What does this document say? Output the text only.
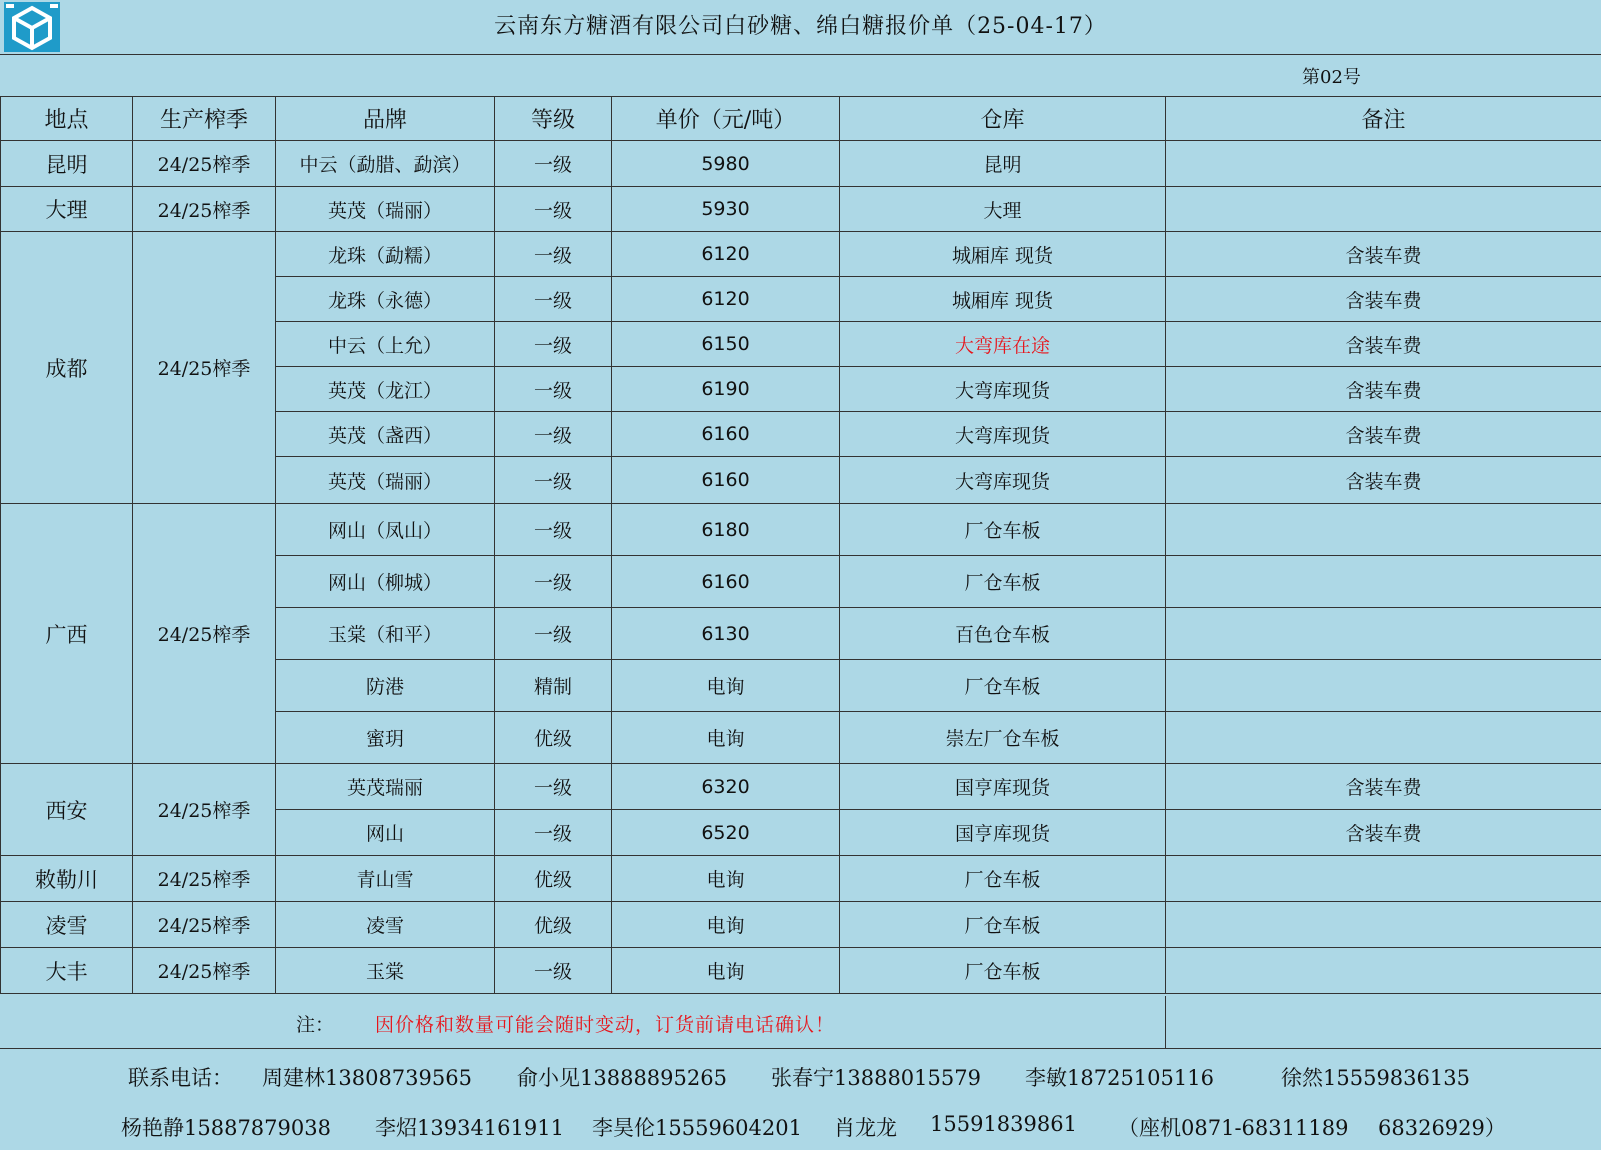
云南东方糖酒有限公司白砂糖、绵白糖报价单（25-04-17）
第02号
地点	生产榨季	品牌	等级	单价（元/吨）	仓库	备注
昆明	24/25榨季	中云（勐腊、勐滨）	一级	5980	昆明	
大理	24/25榨季	英茂（瑞丽）	一级	5930	大理	
成都	24/25榨季	龙珠（勐糯）	一级	6120	城厢库 现货	含装车费
		龙珠（永德）	一级	6120	城厢库 现货	含装车费
		中云（上允）	一级	6150	大弯库在途	含装车费
		英茂（龙江）	一级	6190	大弯库现货	含装车费
		英茂（盏西）	一级	6160	大弯库现货	含装车费
		英茂（瑞丽）	一级	6160	大弯库现货	含装车费
广西	24/25榨季	网山（凤山）	一级	6180	厂仓车板	
		网山（柳城）	一级	6160	厂仓车板	
		玉棠（和平）	一级	6130	百色仓车板	
		防港	精制	电询	厂仓车板	
		蜜玥	优级	电询	崇左厂仓车板	
西安	24/25榨季	英茂瑞丽	一级	6320	国亨库现货	含装车费
		网山	一级	6520	国亨库现货	含装车费
敕勒川	24/25榨季	青山雪	优级	电询	厂仓车板	
凌雪	24/25榨季	凌雪	优级	电询	厂仓车板	
大丰	24/25榨季	玉棠	一级	电询	厂仓车板	
注： 因价格和数量可能会随时变动，订货前请电话确认！
联系电话： 周建林13808739565 俞小见13888895265 张春宁13888015579 李敏18725105116	徐然15559836135
杨艳静15887879038 李炤13934161911 李昊伦15559604201 肖龙龙 15591839861 （座机0871-68311189 68326929）
